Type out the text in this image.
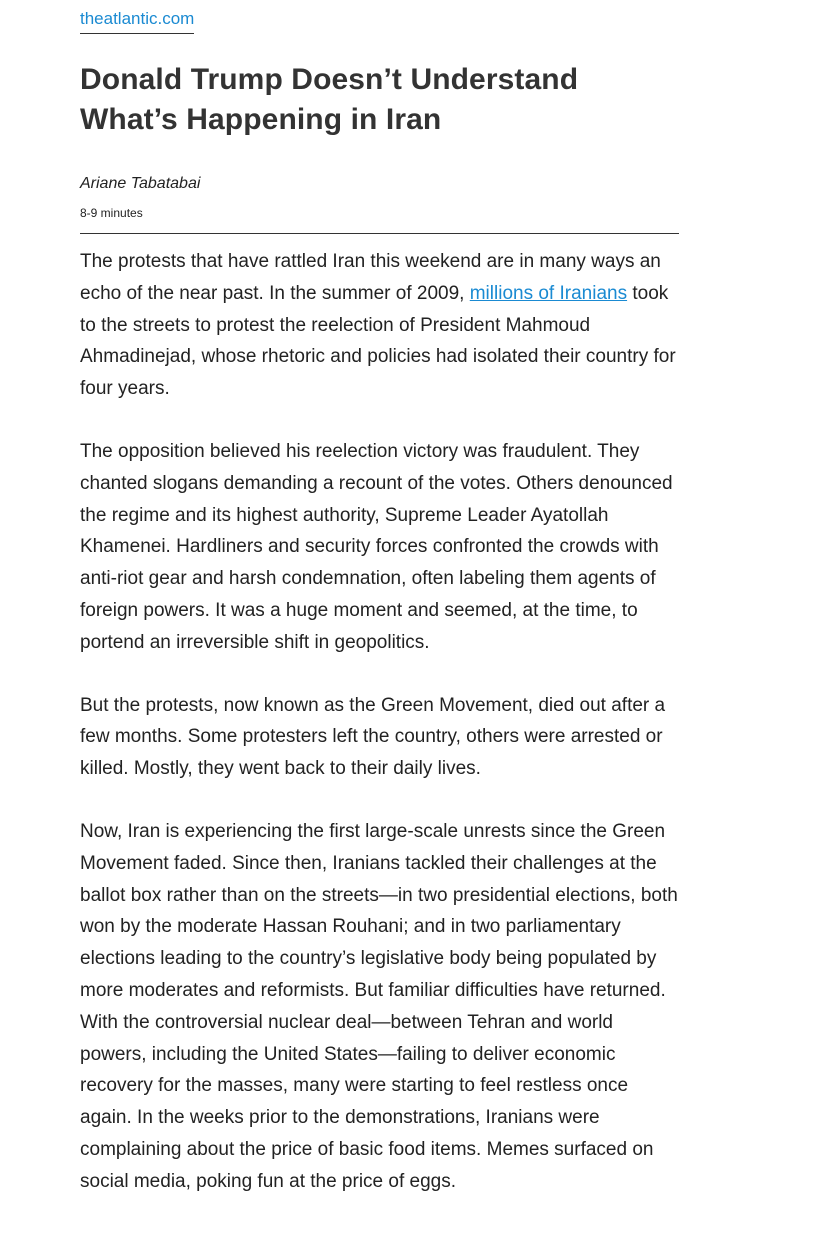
theatlantic.com
Donald Trump Doesn’t Understand What’s Happening in Iran
Ariane Tabatabai
8-9 minutes

The protests that have rattled Iran this weekend are in many ways an echo of the near past. In the summer of 2009, millions of Iranians took to the streets to protest the reelection of President Mahmoud Ahmadinejad, whose rhetoric and policies had isolated their country for four years.

The opposition believed his reelection victory was fraudulent. They chanted slogans demanding a recount of the votes. Others denounced the regime and its highest authority, Supreme Leader Ayatollah Khamenei. Hardliners and security forces confronted the crowds with anti-riot gear and harsh condemnation, often labeling them agents of foreign powers. It was a huge moment and seemed, at the time, to portend an irreversible shift in geopolitics.

But the protests, now known as the Green Movement, died out after a few months. Some protesters left the country, others were arrested or killed. Mostly, they went back to their daily lives.

Now, Iran is experiencing the first large-scale unrests since the Green Movement faded. Since then, Iranians tackled their challenges at the ballot box rather than on the streets—in two presidential elections, both won by the moderate Hassan Rouhani; and in two parliamentary elections leading to the country’s legislative body being populated by more moderates and reformists. But familiar difficulties have returned. With the controversial nuclear deal—between Tehran and world powers, including the United States—failing to deliver economic recovery for the masses, many were starting to feel restless once again. In the weeks prior to the demonstrations, Iranians were complaining about the price of basic food items. Memes surfaced on social media, poking fun at the price of eggs.
